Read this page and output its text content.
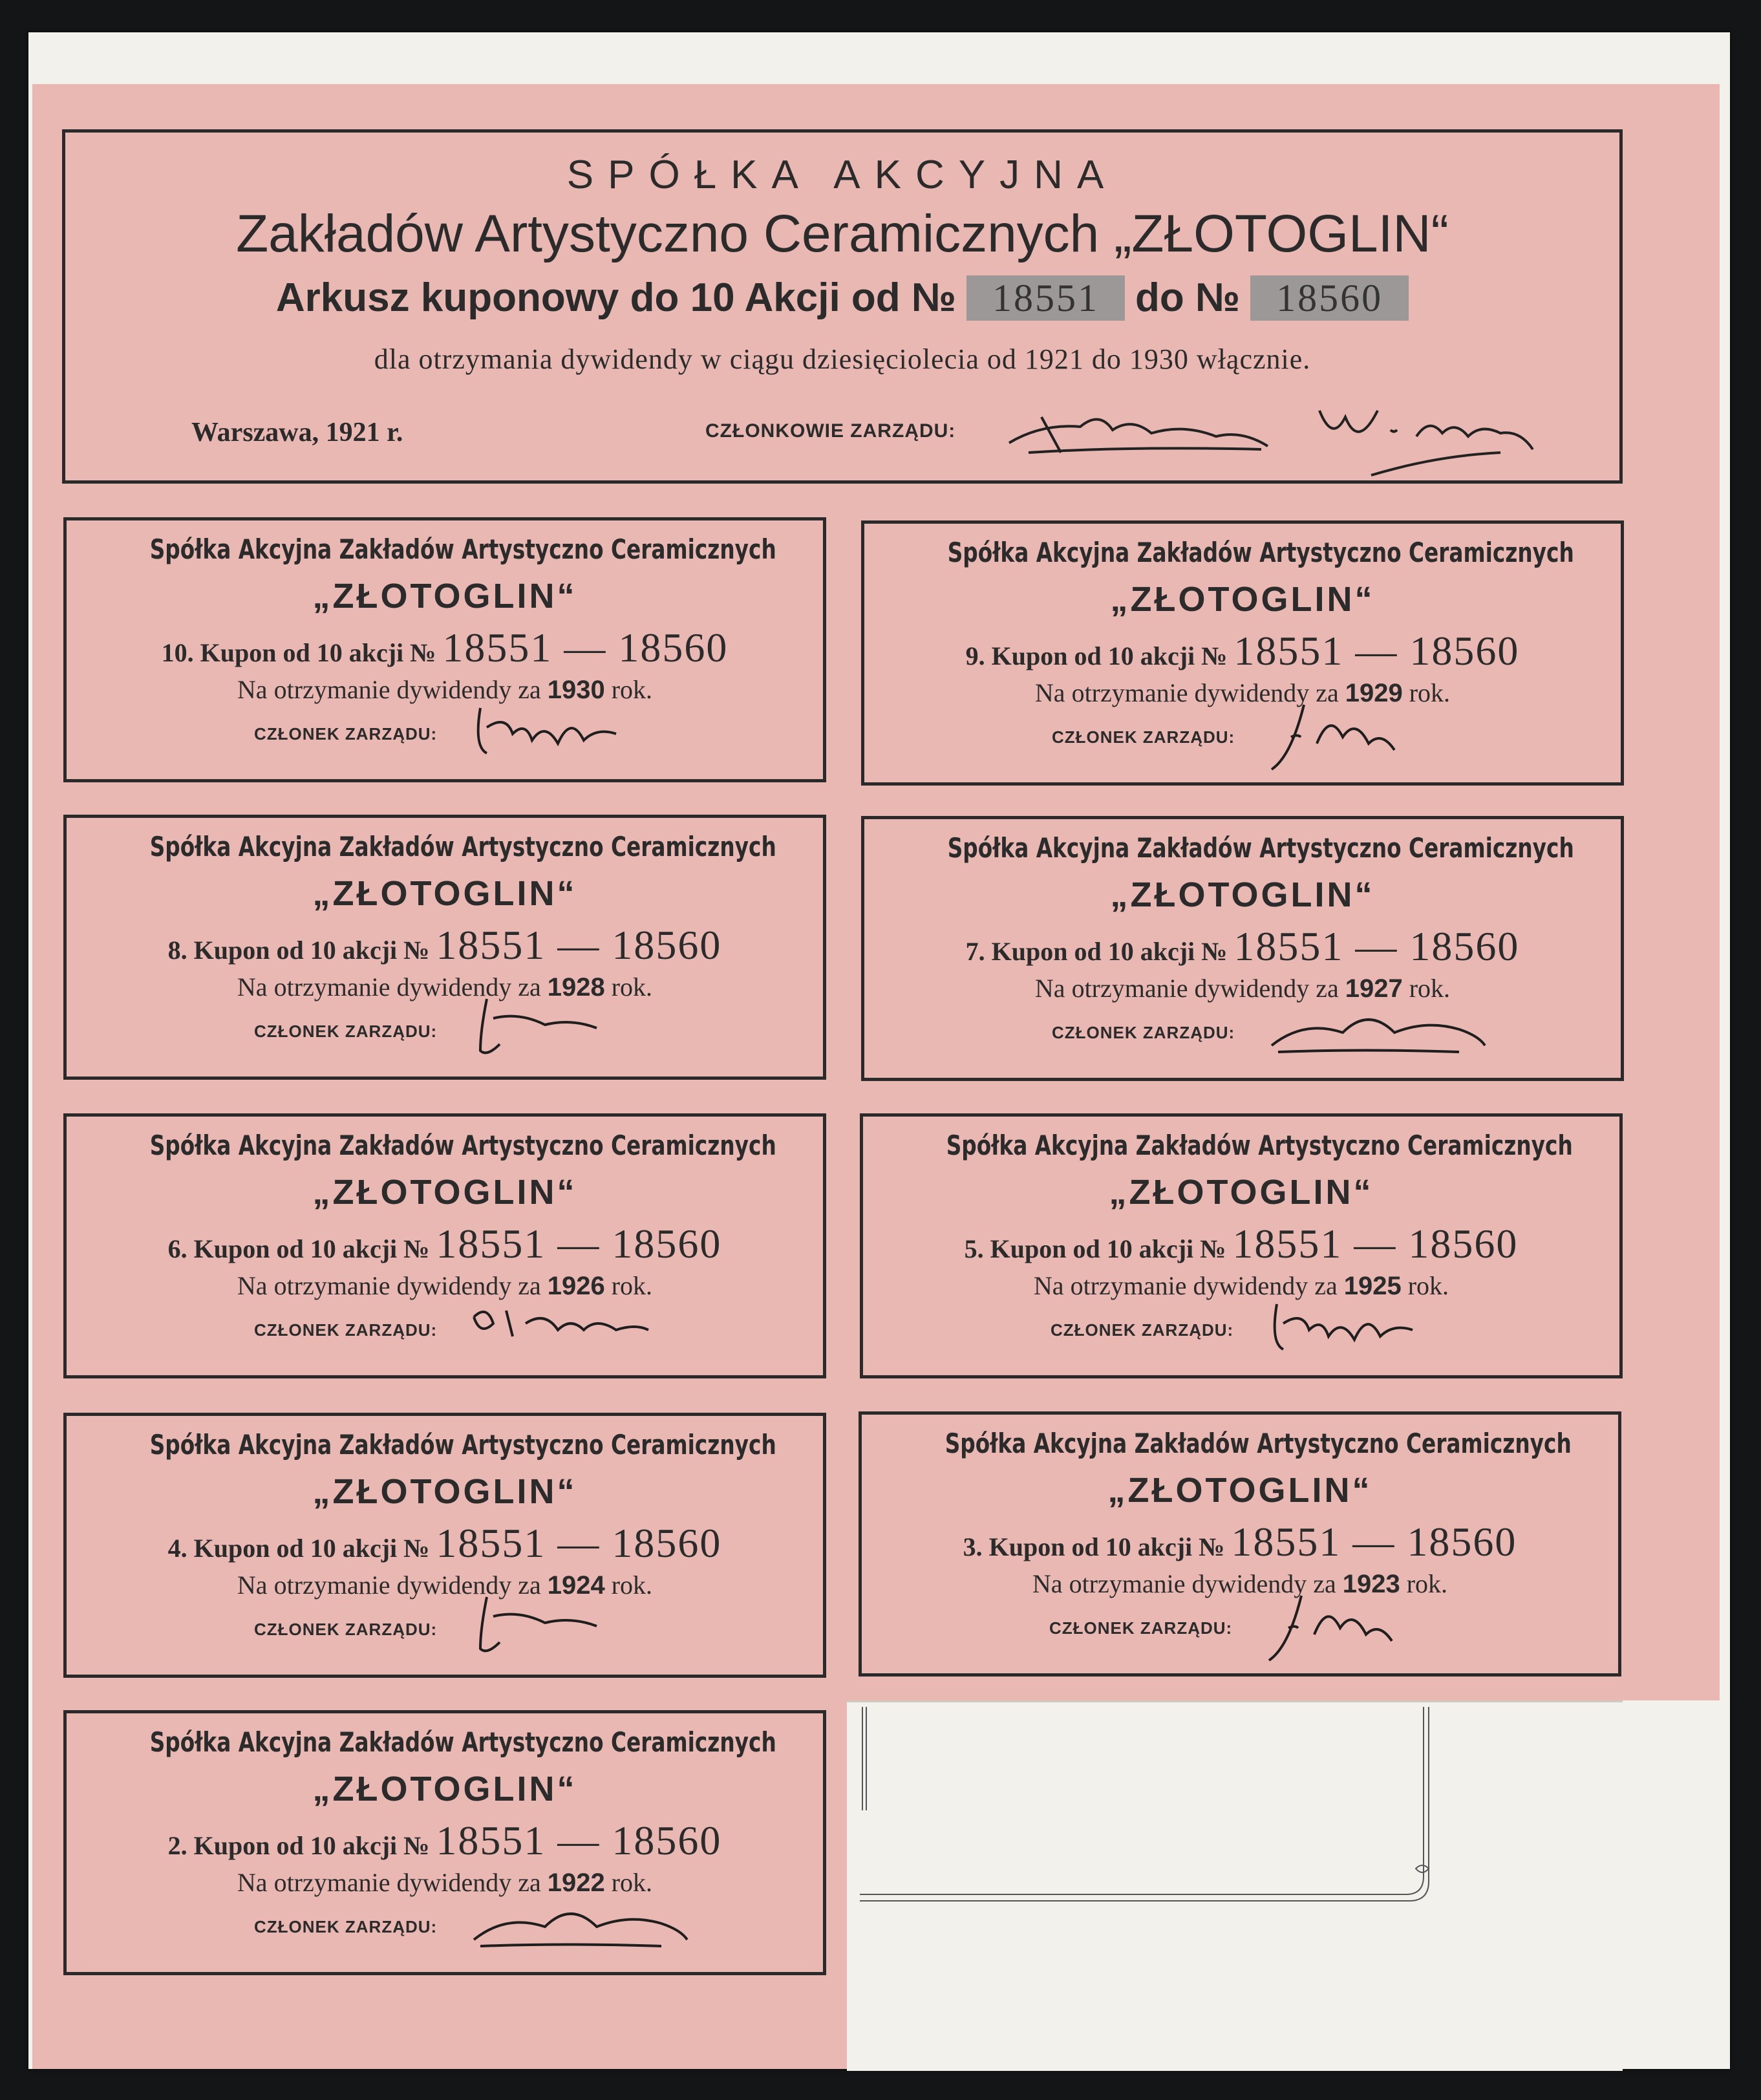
SPÓŁKA AKCYJNA
Zakładów Artystyczno Ceramicznych „ZŁOTOGLIN“
Arkusz kuponowy do 10 Akcji od № 18551 do № 18560
dla otrzymania dywidendy w ciągu dziesięciolecia od 1921 do 1930 włącznie.
Warszawa, 1921 r.	CZŁONKOWIE ZARZĄDU:
Spółka Akcyjna Zakładów Artystyczno Ceramicznych
„ZŁOTOGLIN“
10. Kupon od 10 akcji № 18551 — 18560
Na otrzymanie dywidendy za 1930 rok.
CZŁONEK ZARZĄDU:
Spółka Akcyjna Zakładów Artystyczno Ceramicznych
„ZŁOTOGLIN“
9. Kupon od 10 akcji № 18551 — 18560
Na otrzymanie dywidendy za 1929 rok.
CZŁONEK ZARZĄDU:
Spółka Akcyjna Zakładów Artystyczno Ceramicznych
„ZŁOTOGLIN“
8. Kupon od 10 akcji № 18551 — 18560
Na otrzymanie dywidendy za 1928 rok.
CZŁONEK ZARZĄDU:
Spółka Akcyjna Zakładów Artystyczno Ceramicznych
„ZŁOTOGLIN“
7. Kupon od 10 akcji № 18551 — 18560
Na otrzymanie dywidendy za 1927 rok.
CZŁONEK ZARZĄDU:
Spółka Akcyjna Zakładów Artystyczno Ceramicznych
„ZŁOTOGLIN“
6. Kupon od 10 akcji № 18551 — 18560
Na otrzymanie dywidendy za 1926 rok.
CZŁONEK ZARZĄDU:
Spółka Akcyjna Zakładów Artystyczno Ceramicznych
„ZŁOTOGLIN“
5. Kupon od 10 akcji № 18551 — 18560
Na otrzymanie dywidendy za 1925 rok.
CZŁONEK ZARZĄDU:
Spółka Akcyjna Zakładów Artystyczno Ceramicznych
„ZŁOTOGLIN“
4. Kupon od 10 akcji № 18551 — 18560
Na otrzymanie dywidendy za 1924 rok.
CZŁONEK ZARZĄDU:
Spółka Akcyjna Zakładów Artystyczno Ceramicznych
„ZŁOTOGLIN“
3. Kupon od 10 akcji № 18551 — 18560
Na otrzymanie dywidendy za 1923 rok.
CZŁONEK ZARZĄDU:
Spółka Akcyjna Zakładów Artystyczno Ceramicznych
„ZŁOTOGLIN“
2. Kupon od 10 akcji № 18551 — 18560
Na otrzymanie dywidendy za 1922 rok.
CZŁONEK ZARZĄDU:
